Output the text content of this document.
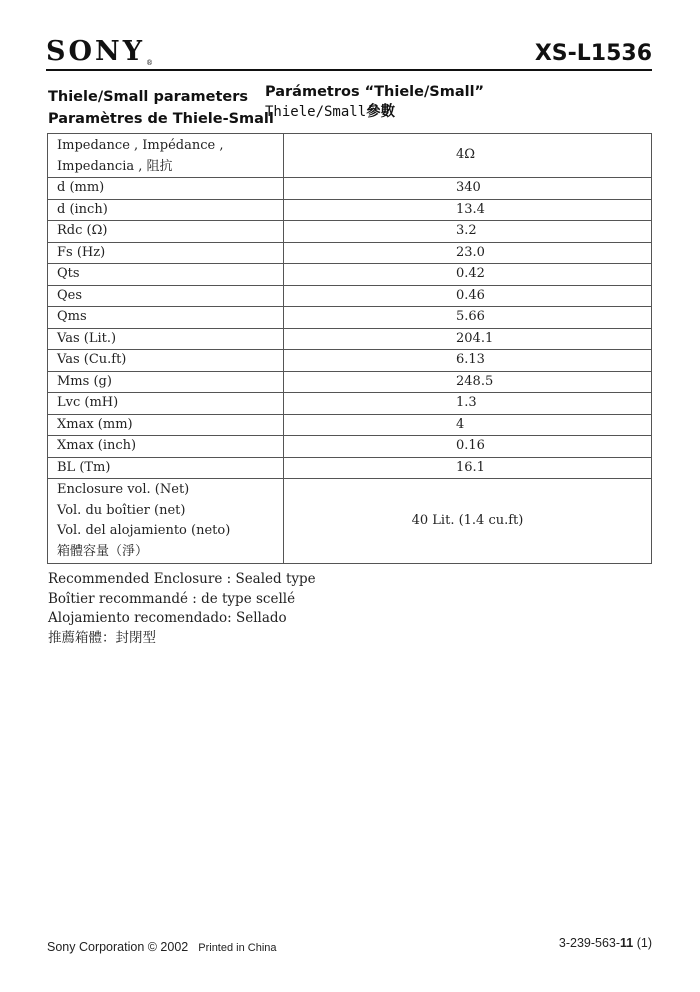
SONY®	XS-L1536
Thiele/Small parameters
Paramètres de Thiele-Small
Parámetros “Thiele/Small”
Thiele/Small參數
Impedance , Impédance ,
Impedancia , 阻抗	4Ω
d (mm)	340
d (inch)	13.4
Rdc (Ω)	3.2
Fs (Hz)	23.0
Qts	0.42
Qes	0.46
Qms	5.66
Vas (Lit.)	204.1
Vas (Cu.ft)	6.13
Mms (g)	248.5
Lvc (mH)	1.3
Xmax (mm)	4
Xmax (inch)	0.16
BL (Tm)	16.1

Enclosure vol. (Net)
Vol. du boîtier (net)
Vol. del alojamiento (neto)
箱體容量（淨）	40 Lit. (1.4 cu.ft)
Recommended Enclosure : Sealed type
Boîtier recommandé : de type scellé
Alojamiento recomendado: Sellado
推薦箱體：封閉型
Sony Corporation © 2002 Printed in China	3-239-563-11 (1)
